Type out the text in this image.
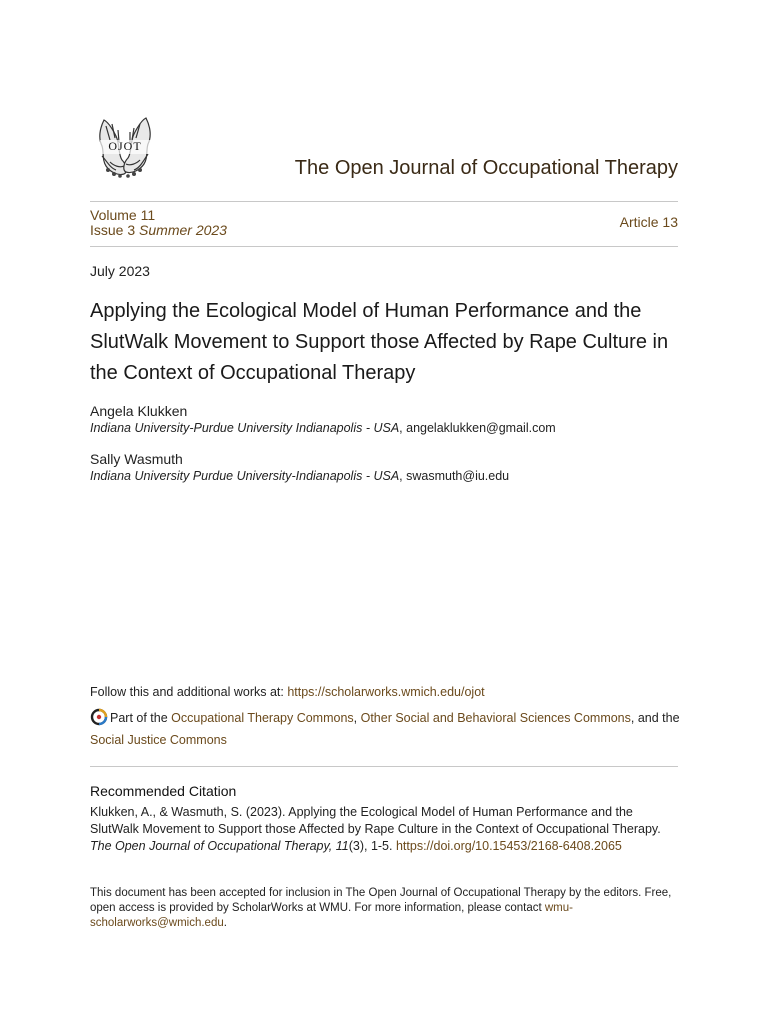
OJOT
The Open Journal of Occupational Therapy
Volume 11
Issue 3 Summer 2023	Article 13
July 2023
Applying the Ecological Model of Human Performance and the SlutWalk Movement to Support those Affected by Rape Culture in the Context of Occupational Therapy
Angela Klukken
Indiana University-Purdue University Indianapolis - USA, angelaklukken@gmail.com
Sally Wasmuth
Indiana University Purdue University-Indianapolis - USA, swasmuth@iu.edu
Follow this and additional works at: https://scholarworks.wmich.edu/ojot
Part of the Occupational Therapy Commons, Other Social and Behavioral Sciences Commons, and the
Social Justice Commons
Recommended Citation
Klukken, A., & Wasmuth, S. (2023). Applying the Ecological Model of Human Performance and the SlutWalk Movement to Support those Affected by Rape Culture in the Context of Occupational Therapy.
The Open Journal of Occupational Therapy, 11(3), 1-5. https://doi.org/10.15453/2168-6408.2065
This document has been accepted for inclusion in The Open Journal of Occupational Therapy by the editors. Free, open access is provided by ScholarWorks at WMU. For more information, please contact wmu-scholarworks@wmich.edu.
